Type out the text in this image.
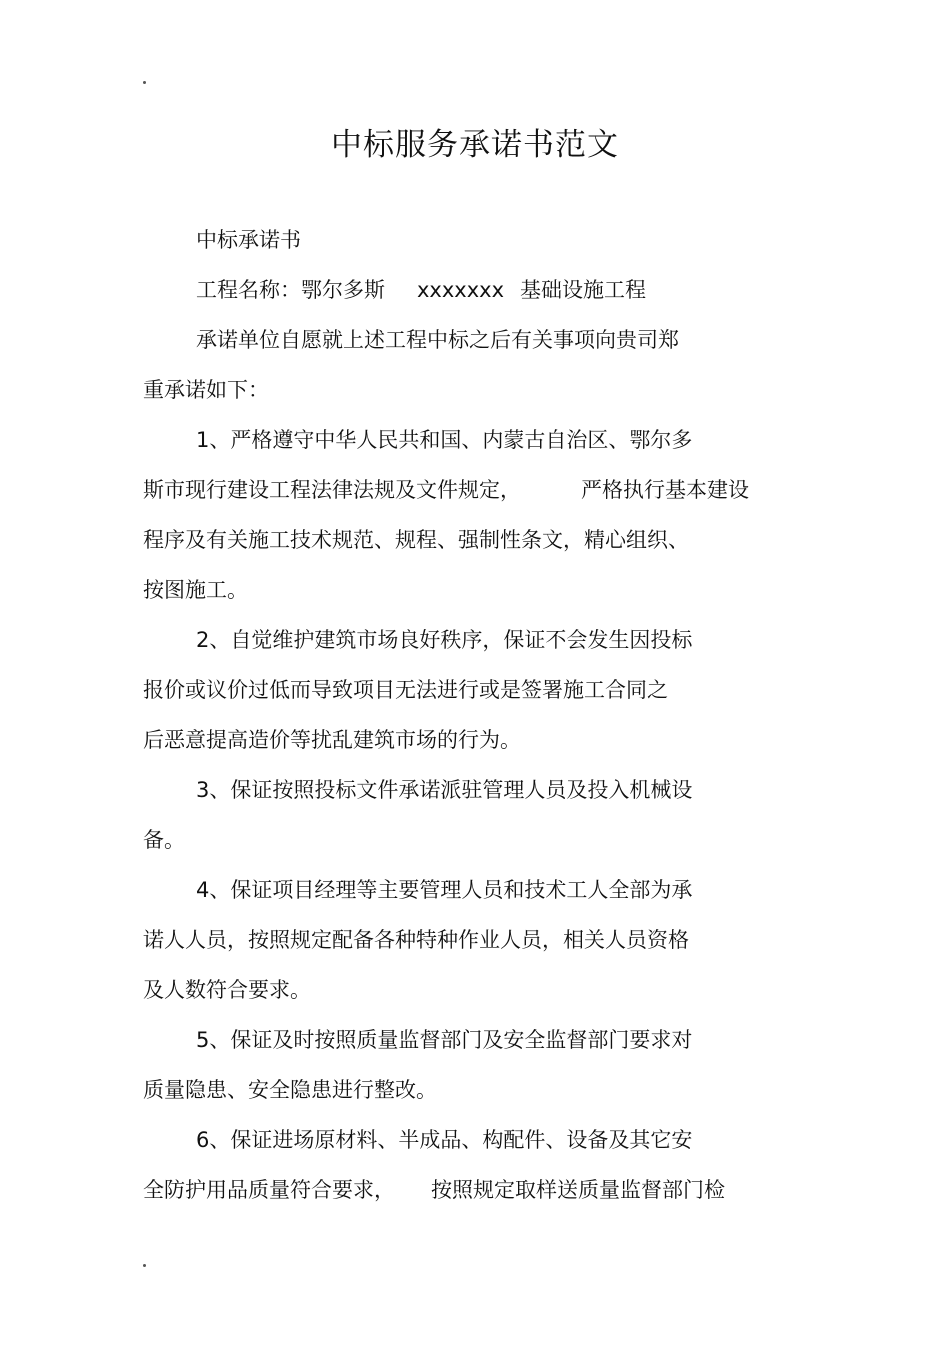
中标服务承诺书范文
中标承诺书
工程名称：鄂尔多斯 xxxxxxx 基础设施工程
承诺单位自愿就上述工程中标之后有关事项向贵司郑
重承诺如下：
1、严格遵守中华人民共和国、内蒙古自治区、鄂尔多
斯市现行建设工程法律法规及文件规定，	严格执行基本建设
程序及有关施工技术规范、规程、强制性条文，精心组织、
按图施工。
2、自觉维护建筑市场良好秩序，保证不会发生因投标
报价或议价过低而导致项目无法进行或是签署施工合同之
后恶意提高造价等扰乱建筑市场的行为。
3、保证按照投标文件承诺派驻管理人员及投入机械设
备。
4、保证项目经理等主要管理人员和技术工人全部为承
诺人人员，按照规定配备各种特种作业人员，相关人员资格
及人数符合要求。
5、保证及时按照质量监督部门及安全监督部门要求对
质量隐患、安全隐患进行整改。
6、保证进场原材料、半成品、构配件、设备及其它安
全防护用品质量符合要求， 按照规定取样送质量监督部门检
